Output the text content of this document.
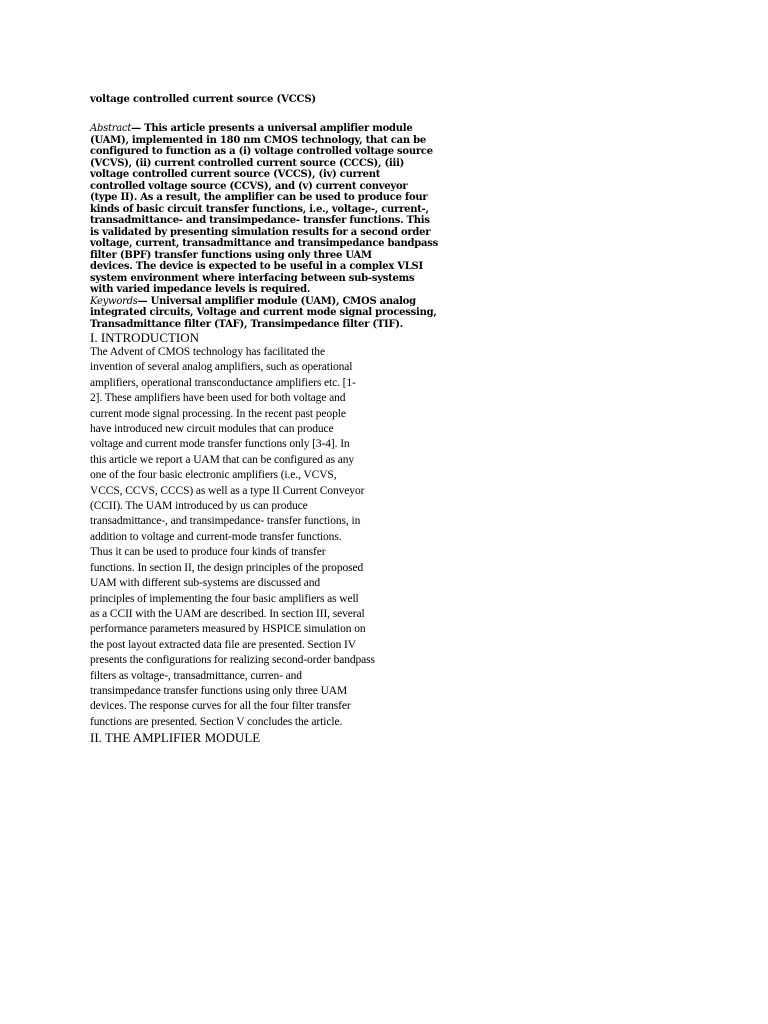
voltage controlled current source (VCCS)
Abstract— This article presents a universal amplifier module
(UAM), implemented in 180 nm CMOS technology, that can be
configured to function as a (i) voltage controlled voltage source
(VCVS), (ii) current controlled current source (CCCS), (iii)
voltage controlled current source (VCCS), (iv) current
controlled voltage source (CCVS), and (v) current conveyor
(type II). As a result, the amplifier can be used to produce four
kinds of basic circuit transfer functions, i.e., voltage-, current-,
transadmittance- and transimpedance- transfer functions. This
is validated by presenting simulation results for a second order
voltage, current, transadmittance and transimpedance bandpass
filter (BPF) transfer functions using only three UAM
devices. The device is expected to be useful in a complex VLSI
system environment where interfacing between sub-systems
with varied impedance levels is required.
Keywords— Universal amplifier module (UAM), CMOS analog
integrated circuits, Voltage and current mode signal processing,
Transadmittance filter (TAF), Transimpedance filter (TIF).
I. INTRODUCTION
The Advent of CMOS technology has facilitated the
invention of several analog amplifiers, such as operational
amplifiers, operational transconductance amplifiers etc. [1-
2]. These amplifiers have been used for both voltage and
current mode signal processing. In the recent past people
have introduced new circuit modules that can produce
voltage and current mode transfer functions only [3-4]. In
this article we report a UAM that can be configured as any
one of the four basic electronic amplifiers (i.e., VCVS,
VCCS, CCVS, CCCS) as well as a type II Current Conveyor
(CCII). The UAM introduced by us can produce
transadmittance-, and transimpedance- transfer functions, in
addition to voltage and current-mode transfer functions.
Thus it can be used to produce four kinds of transfer
functions. In section II, the design principles of the proposed
UAM with different sub-systems are discussed and
principles of implementing the four basic amplifiers as well
as a CCII with the UAM are described. In section III, several
performance parameters measured by HSPICE simulation on
the post layout extracted data file are presented. Section IV
presents the configurations for realizing second-order bandpass
filters as voltage-, transadmittance, curren- and
transimpedance transfer functions using only three UAM
devices. The response curves for all the four filter transfer
functions are presented. Section V concludes the article.
II. THE AMPLIFIER MODULE
